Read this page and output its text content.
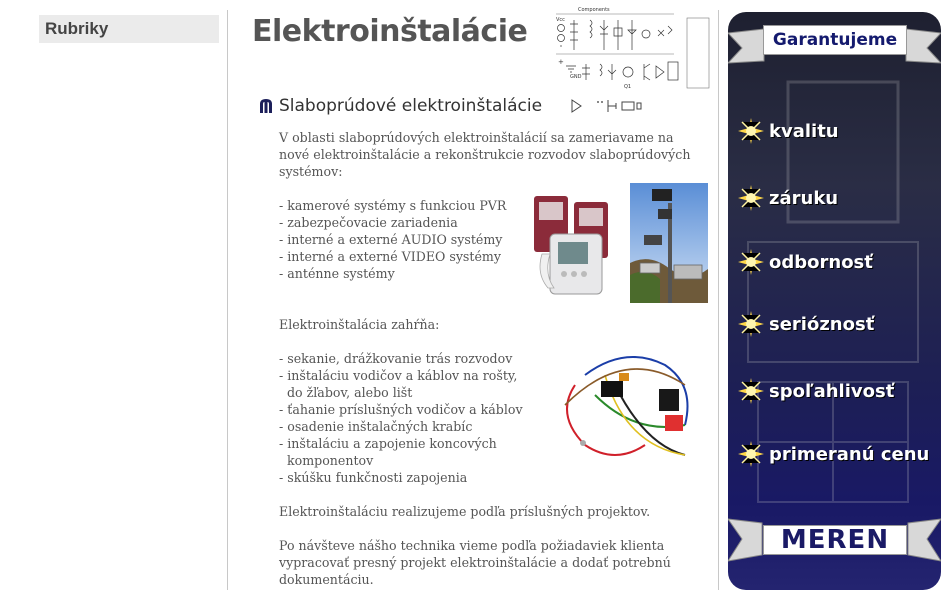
Rubriky	Elektroinštalácie
Components
Vcc
+
GND
Q1
Slaboprúdové elektroinštalácie

V oblasti slaboprúdových elektroinštalácií sa zameriavame na nové elektroinštalácie a rekonštrukcie rozvodov slaboprúdových systémov:

- kamerové systémy s funkciou PVR
- zabezpečovacie zariadenia
- interné a externé AUDIO systémy
- interné a externé VIDEO systémy
- anténne systémy

Elektroinštalácia zahŕňa:

- sekanie, drážkovanie trás rozvodov
- inštaláciu vodičov a káblov na rošty,
do žľabov, alebo lišt
- ťahanie príslušných vodičov a káblov
- osadenie inštalačných krabíc
- inštaláciu a zapojenie koncových
komponentov
- skúšku funkčnosti zapojenia

Elektroinštaláciu realizujeme podľa príslušných projektov.

Po návšteve nášho technika vieme podľa požiadaviek klienta vypracovať presný projekt elektroinštalácie a dodať potrebnú dokumentáciu.

Garantujeme
kvalitu
záruku
odbornosť
serióznosť
spoľahlivosť
primeranú cenu
MEREN
